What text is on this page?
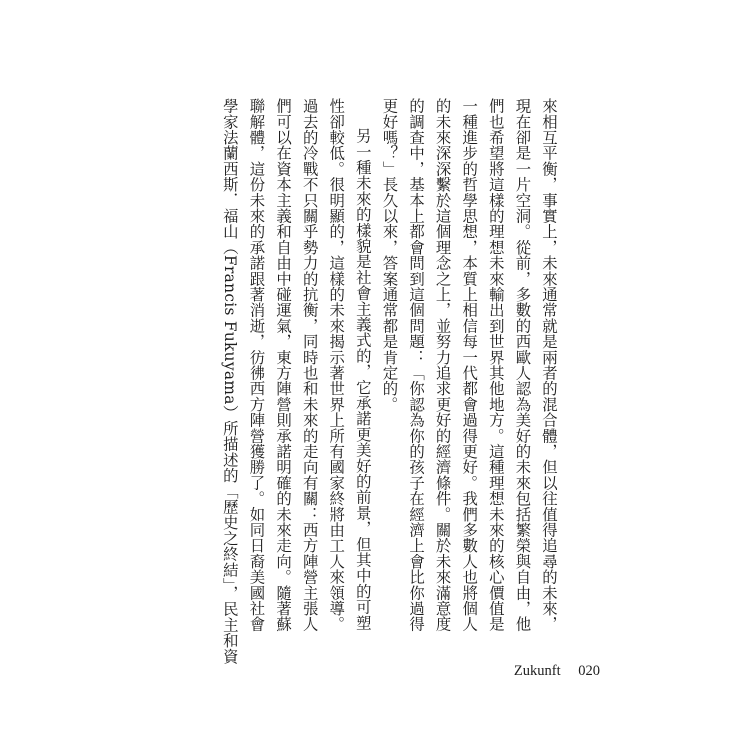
來相互平衡，事實上，未來通常就是兩者的混合體，但以往值得追尋的未來，
現在卻是一片空洞。從前，多數的西歐人認為美好的未來包括繁榮與自由，他
們也希望將這樣的理想未來輸出到世界其他地方。這種理想未來的核心價值是
一種進步的哲學思想，本質上相信每一代都會過得更好。我們多數人也將個人
的未來深深繫於這個理念之上，並努力追求更好的經濟條件。關於未來滿意度
的調查中，基本上都會問到這個問題：「你認為你的孩子在經濟上會比你過得
更好嗎？」長久以來，答案通常都是肯定的。
另一種未來的樣貌是社會主義式的，它承諾更美好的前景，但其中的可塑
性卻較低。很明顯的，這樣的未來揭示著世界上所有國家終將由工人來領導。
過去的冷戰不只關乎勢力的抗衡，同時也和未來的走向有關：西方陣營主張人
們可以在資本主義和自由中碰運氣，東方陣營則承諾明確的未來走向。隨著蘇
聯解體，這份未來的承諾跟著消逝，彷彿西方陣營獲勝了。如同日裔美國社會
學家法蘭西斯．福山（Francis Fukuyama）所描述的「歷史之終結」，民主和資
Zukunft 020
